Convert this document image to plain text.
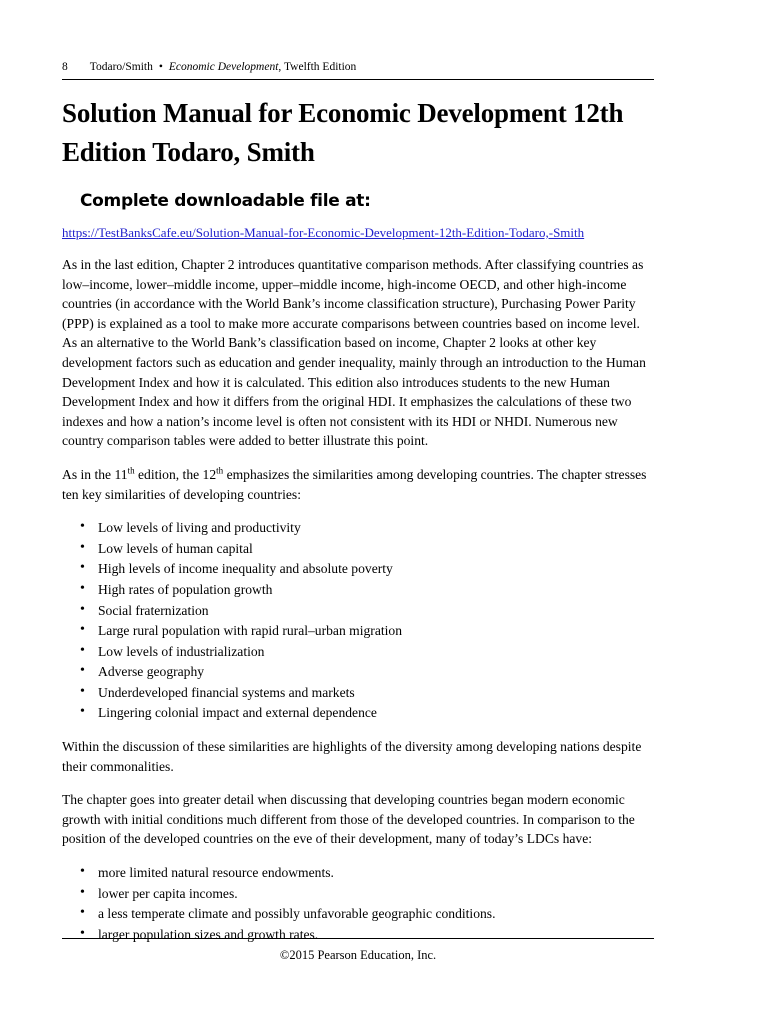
8 Todaro/Smith • Economic Development, Twelfth Edition
Solution Manual for Economic Development 12th Edition Todaro, Smith
Complete downloadable file at:
https://TestBanksCafe.eu/Solution-Manual-for-Economic-Development-12th-Edition-Todaro,-Smith

As in the last edition, Chapter 2 introduces quantitative comparison methods. After classifying countries as low–income, lower–middle income, upper–middle income, high-income OECD, and other high-income countries (in accordance with the World Bank’s income classification structure), Purchasing Power Parity (PPP) is explained as a tool to make more accurate comparisons between countries based on income level. As an alternative to the World Bank’s classification based on income, Chapter 2 looks at other key development factors such as education and gender inequality, mainly through an introduction to the Human Development Index and how it is calculated. This edition also introduces students to the new Human Development Index and how it differs from the original HDI. It emphasizes the calculations of these two indexes and how a nation’s income level is often not consistent with its HDI or NHDI. Numerous new country comparison tables were added to better illustrate this point.

As in the 11th edition, the 12th emphasizes the similarities among developing countries. The chapter stresses ten key similarities of developing countries:

• Low levels of living and productivity
• Low levels of human capital
• High levels of income inequality and absolute poverty
• High rates of population growth
• Social fraternization
• Large rural population with rapid rural–urban migration
• Low levels of industrialization
• Adverse geography
• Underdeveloped financial systems and markets
• Lingering colonial impact and external dependence

Within the discussion of these similarities are highlights of the diversity among developing nations despite their commonalities.

The chapter goes into greater detail when discussing that developing countries began modern economic growth with initial conditions much different from those of the developed countries. In comparison to the position of the developed countries on the eve of their development, many of today’s LDCs have:

• more limited natural resource endowments.
• lower per capita incomes.
• a less temperate climate and possibly unfavorable geographic conditions.
• larger population sizes and growth rates.
©2015 Pearson Education, Inc.
